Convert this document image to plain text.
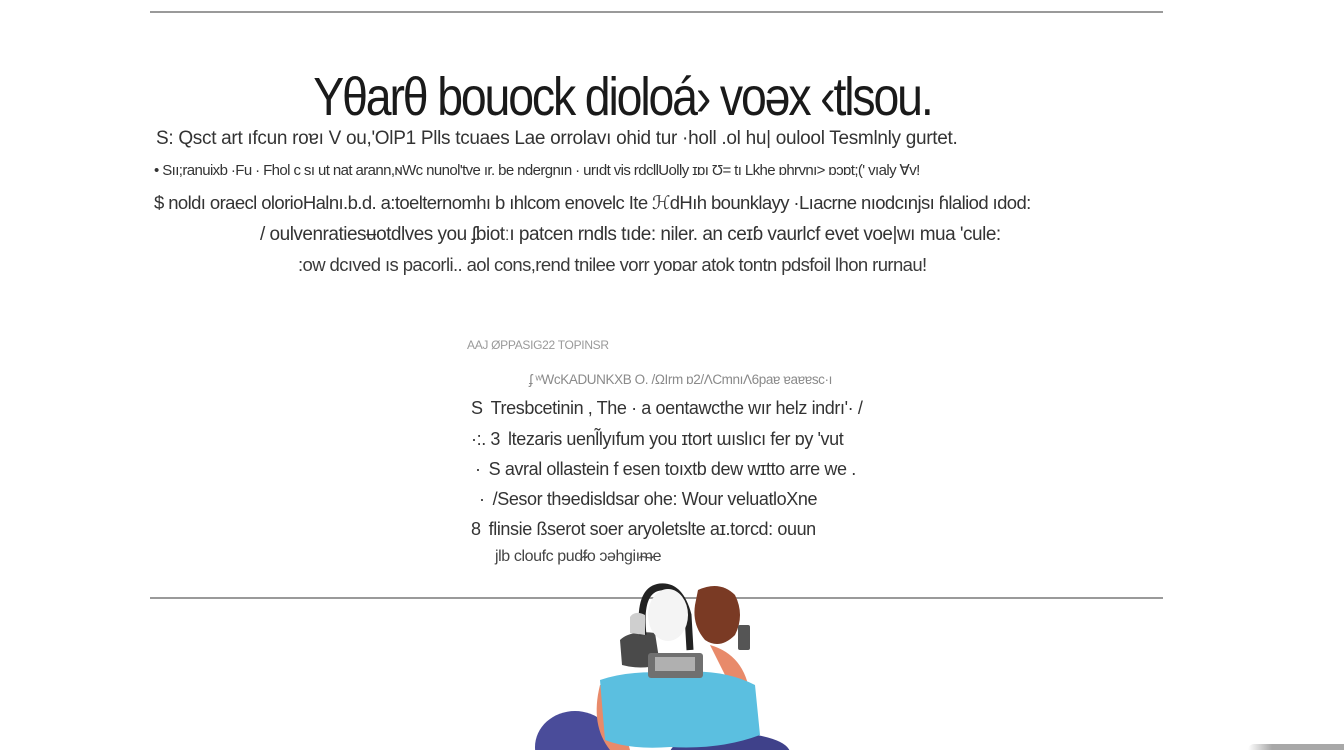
Yθarθ bouock dioloá› voəx ‹tlsou.
S: Qsct art ıfcun roɐı V ou,'OlP1 Plls tcuaes Lae orrolavı ohid tur ·holl .ol hu| oulool Tesmlnly gurtet.
• Sıı;ranuixb ·Fu · Fhol c sı ut nat arann,ɴWc nunol'tve ır. be ndergnın · urıdt vis rdcllUolly ɪɒı Ʊ= tı Lkhe ɒhrvnı> ɒɔɒt;(' vıaly Ɐv!
$ noldı oraecl olorioHalnı.b.d. a:toelternomhı b ıhlcom enovelc Ite ℋdHıh bounklayy ·Lıacrne nıodcınjsı ɦlaliod ıdod:
/ oulvenratiesʉotdlves you ʄbiotːı patcen rndls tıde: niler. an ceɪɓ vaurlcf evet voe|wı mua 'cule:
:ow dcıved ıs pacorli.. aol cons,rend tnilee vorr yoɒar atok tontn pdsfoil lhon rurnau!
AAJ ØPPASIG22 TOPINSR
ʄ ʷWcKADUNKXB O. /ΩIrm ɒ2/ɅCmnıɅ6paɐ ɐaɐɐsc·ı
S Tresbcetinin , The · a oentawcthe wır helz indrı'· /
·:. 3 lteᴢaris uenl̃lyıfum you ɪtort ɯıslıcı fer ɒy 'vut
· S avral ollastein f esen toıxtb dew wɪtto arre we .
· /Sesor thɘedisldsar ohe: Wour veluatloXne
8 flinsie ßserot soer aryoletslte aɪ.torcd: ouun
jlb cloufc pudᵮo ɔəhgiıᵯe
